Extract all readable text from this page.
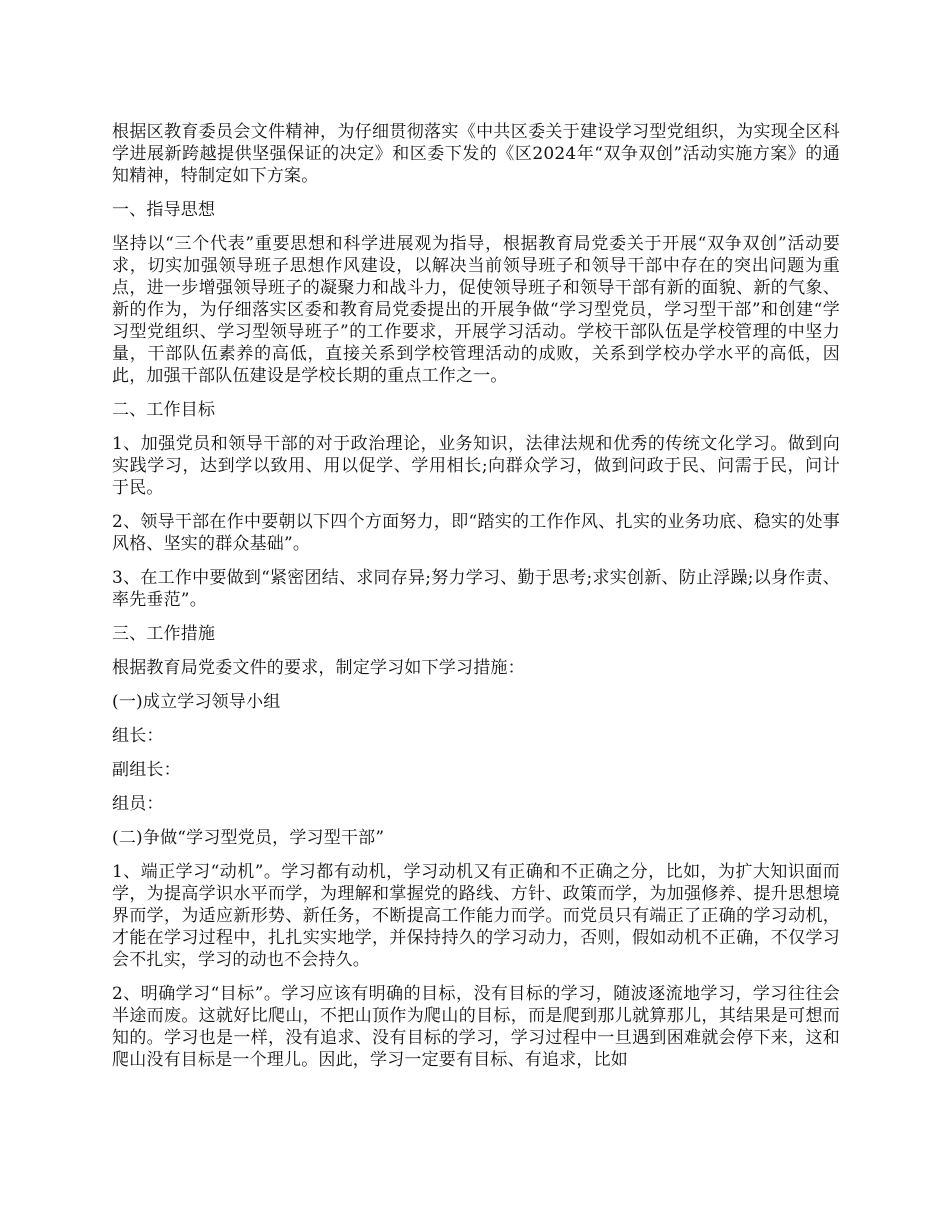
根据区教育委员会文件精神，为仔细贯彻落实《中共区委关于建设学习型党组织，为实现全区科学进展新跨越提供坚强保证的决定》和区委下发的《区2024年“双争双创”活动实施方案》的通知精神，特制定如下方案。

一、指导思想

坚持以“三个代表”重要思想和科学进展观为指导，根据教育局党委关于开展“双争双创”活动要求，切实加强领导班子思想作风建设，以解决当前领导班子和领导干部中存在的突出问题为重点，进一步增强领导班子的凝聚力和战斗力，促使领导班子和领导干部有新的面貌、新的气象、新的作为，为仔细落实区委和教育局党委提出的开展争做“学习型党员，学习型干部”和创建“学习型党组织、学习型领导班子”的工作要求，开展学习活动。学校干部队伍是学校管理的中坚力量，干部队伍素养的高低，直接关系到学校管理活动的成败，关系到学校办学水平的高低，因此，加强干部队伍建设是学校长期的重点工作之一。

二、工作目标

1、加强党员和领导干部的对于政治理论，业务知识，法律法规和优秀的传统文化学习。做到向实践学习，达到学以致用、用以促学、学用相长;向群众学习，做到问政于民、问需于民，问计于民。

2、领导干部在作中要朝以下四个方面努力，即“踏实的工作作风、扎实的业务功底、稳实的处事风格、坚实的群众基础”。

3、在工作中要做到“紧密团结、求同存异;努力学习、勤于思考;求实创新、防止浮躁;以身作责、率先垂范”。

三、工作措施

根据教育局党委文件的要求，制定学习如下学习措施：

(一)成立学习领导小组

组长：

副组长：

组员：

(二)争做“学习型党员，学习型干部”

1、端正学习“动机”。学习都有动机，学习动机又有正确和不正确之分，比如，为扩大知识面而学，为提高学识水平而学，为理解和掌握党的路线、方针、政策而学，为加强修养、提升思想境界而学，为适应新形势、新任务，不断提高工作能力而学。而党员只有端正了正确的学习动机，才能在学习过程中，扎扎实实地学，并保持持久的学习动力，否则，假如动机不正确，不仅学习会不扎实，学习的动也不会持久。

2、明确学习“目标”。学习应该有明确的目标，没有目标的学习，随波逐流地学习，学习往往会半途而废。这就好比爬山，不把山顶作为爬山的目标，而是爬到那儿就算那儿，其结果是可想而知的。学习也是一样，没有追求、没有目标的学习，学习过程中一旦遇到困难就会停下来，这和爬山没有目标是一个理儿。因此，学习一定要有目标、有追求，比如
